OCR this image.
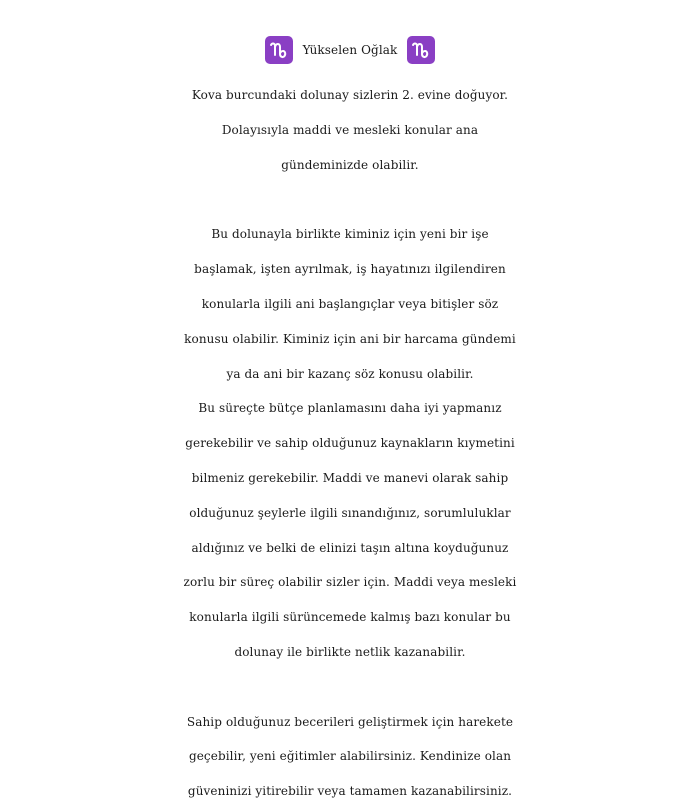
Yükselen Oğlak
Kova burcundaki dolunay sizlerin 2. evine doğuyor.
Dolayısıyla maddi ve mesleki konular ana
gündeminizde olabilir.
Bu dolunayla birlikte kiminiz için yeni bir işe
başlamak, işten ayrılmak, iş hayatınızı ilgilendiren
konularla ilgili ani başlangıçlar veya bitişler söz
konusu olabilir. Kiminiz için ani bir harcama gündemi
ya da ani bir kazanç söz konusu olabilir.
Bu süreçte bütçe planlamasını daha iyi yapmanız
gerekebilir ve sahip olduğunuz kaynakların kıymetini
bilmeniz gerekebilir. Maddi ve manevi olarak sahip
olduğunuz şeylerle ilgili sınandığınız, sorumluluklar
aldığınız ve belki de elinizi taşın altına koyduğunuz
zorlu bir süreç olabilir sizler için. Maddi veya mesleki
konularla ilgili sürüncemede kalmış bazı konular bu
dolunay ile birlikte netlik kazanabilir.
Sahip olduğunuz becerileri geliştirmek için harekete
geçebilir, yeni eğitimler alabilirsiniz. Kendinize olan
güveninizi yitirebilir veya tamamen kazanabilirsiniz.
